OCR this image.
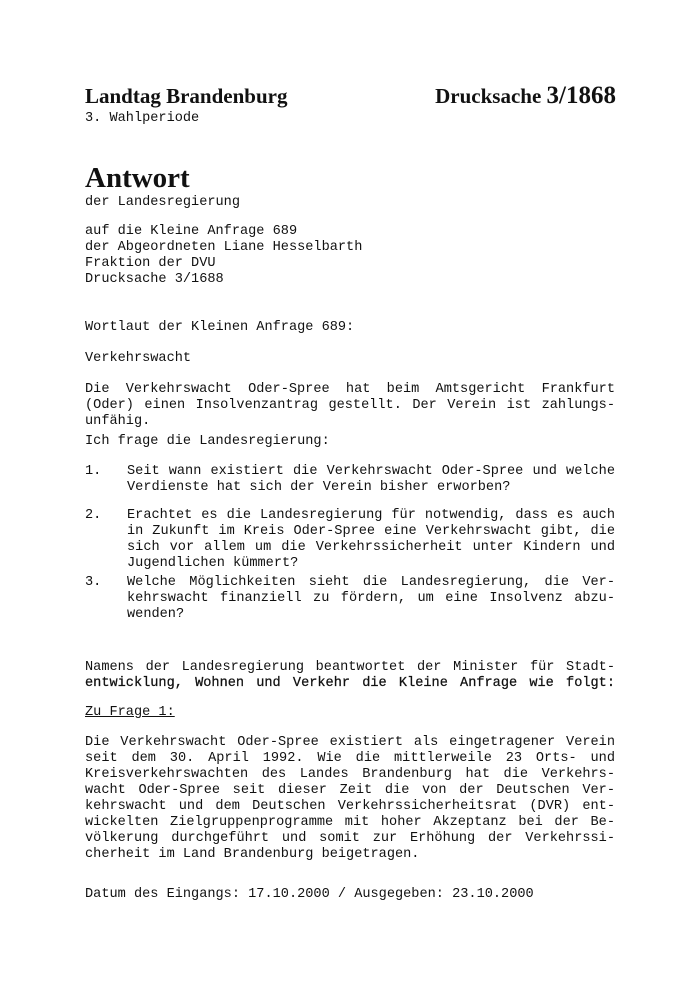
Landtag Brandenburg	Drucksache 3/1868
3. Wahlperiode
Antwort
der Landesregierung
auf die Kleine Anfrage 689
der Abgeordneten Liane Hesselbarth
Fraktion der DVU
Drucksache 3/1688
Wortlaut der Kleinen Anfrage 689:
Verkehrswacht
Die Verkehrswacht Oder-Spree hat beim Amtsgericht Frankfurt
(Oder) einen Insolvenzantrag gestellt. Der Verein ist zahlungs-
unfähig.
Ich frage die Landesregierung:
1. Seit wann existiert die Verkehrswacht Oder-Spree und welche
Verdienste hat sich der Verein bisher erworben?
2. Erachtet es die Landesregierung für notwendig, dass es auch
in Zukunft im Kreis Oder-Spree eine Verkehrswacht gibt, die
sich vor allem um die Verkehrssicherheit unter Kindern und
Jugendlichen kümmert?
3. Welche Möglichkeiten sieht die Landesregierung, die Ver-
kehrswacht finanziell zu fördern, um eine Insolvenz abzu-
wenden?
Namens der Landesregierung beantwortet der Minister für Stadt-
entwicklung, Wohnen und Verkehr die Kleine Anfrage wie folgt:
Zu Frage 1:
Die Verkehrswacht Oder-Spree existiert als eingetragener Verein
seit dem 30. April 1992. Wie die mittlerweile 23 Orts- und
Kreisverkehrswachten des Landes Brandenburg hat die Verkehrs-
wacht Oder-Spree seit dieser Zeit die von der Deutschen Ver-
kehrswacht und dem Deutschen Verkehrssicherheitsrat (DVR) ent-
wickelten Zielgruppenprogramme mit hoher Akzeptanz bei der Be-
völkerung durchgeführt und somit zur Erhöhung der Verkehrssi-
cherheit im Land Brandenburg beigetragen.
Datum des Eingangs: 17.10.2000 / Ausgegeben: 23.10.2000
